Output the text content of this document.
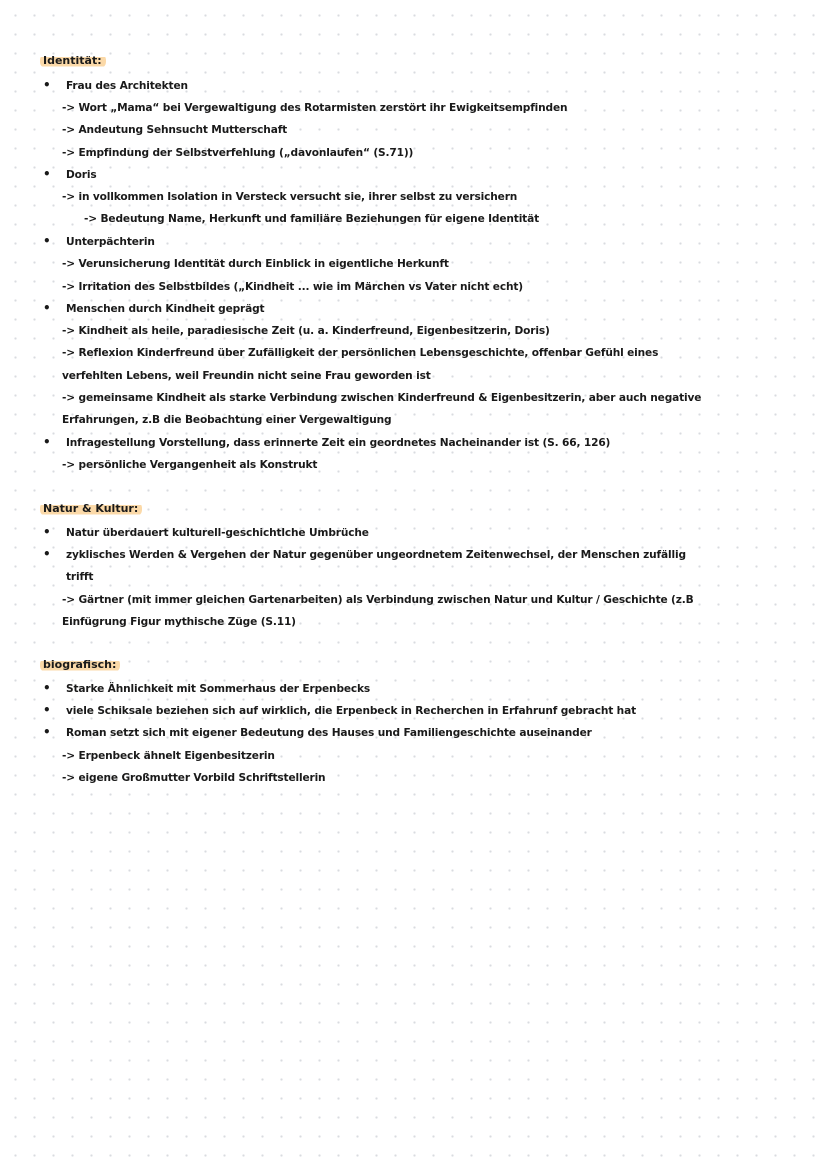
Identität:
• Frau des Architekten
-> Wort „Mama“ bei Vergewaltigung des Rotarmisten zerstört ihr Ewigkeitsempfinden
-> Andeutung Sehnsucht Mutterschaft
-> Empfindung der Selbstverfehlung („davonlaufen“ (S.71))
• Doris
-> in vollkommen Isolation in Versteck versucht sie, ihrer selbst zu versichern
-> Bedeutung Name, Herkunft und familiäre Beziehungen für eigene Identität
• Unterpächterin
-> Verunsicherung Identität durch Einblick in eigentliche Herkunft
-> Irritation des Selbstbildes („Kindheit ... wie im Märchen vs Vater nicht echt)
• Menschen durch Kindheit geprägt
-> Kindheit als heile, paradiesische Zeit (u. a. Kinderfreund, Eigenbesitzerin, Doris)
-> Reflexion Kinderfreund über Zufälligkeit der persönlichen Lebensgeschichte, offenbar Gefühl eines
verfehlten Lebens, weil Freundin nicht seine Frau geworden ist
-> gemeinsame Kindheit als starke Verbindung zwischen Kinderfreund & Eigenbesitzerin, aber auch negative
Erfahrungen, z.B die Beobachtung einer Vergewaltigung
• Infragestellung Vorstellung, dass erinnerte Zeit ein geordnetes Nacheinander ist (S. 66, 126)
-> persönliche Vergangenheit als Konstrukt
Natur & Kultur:
• Natur überdauert kulturell-geschichtlche Umbrüche
• zyklisches Werden & Vergehen der Natur gegenüber ungeordnetem Zeitenwechsel, der Menschen zufällig
trifft
-> Gärtner (mit immer gleichen Gartenarbeiten) als Verbindung zwischen Natur und Kultur / Geschichte (z.B
Einfügrung Figur mythische Züge (S.11)
biografisch:
• Starke Ähnlichkeit mit Sommerhaus der Erpenbecks
• viele Schiksale beziehen sich auf wirklich, die Erpenbeck in Recherchen in Erfahrunf gebracht hat
• Roman setzt sich mit eigener Bedeutung des Hauses und Familiengeschichte auseinander
-> Erpenbeck ähnelt Eigenbesitzerin
-> eigene Großmutter Vorbild Schriftstellerin
